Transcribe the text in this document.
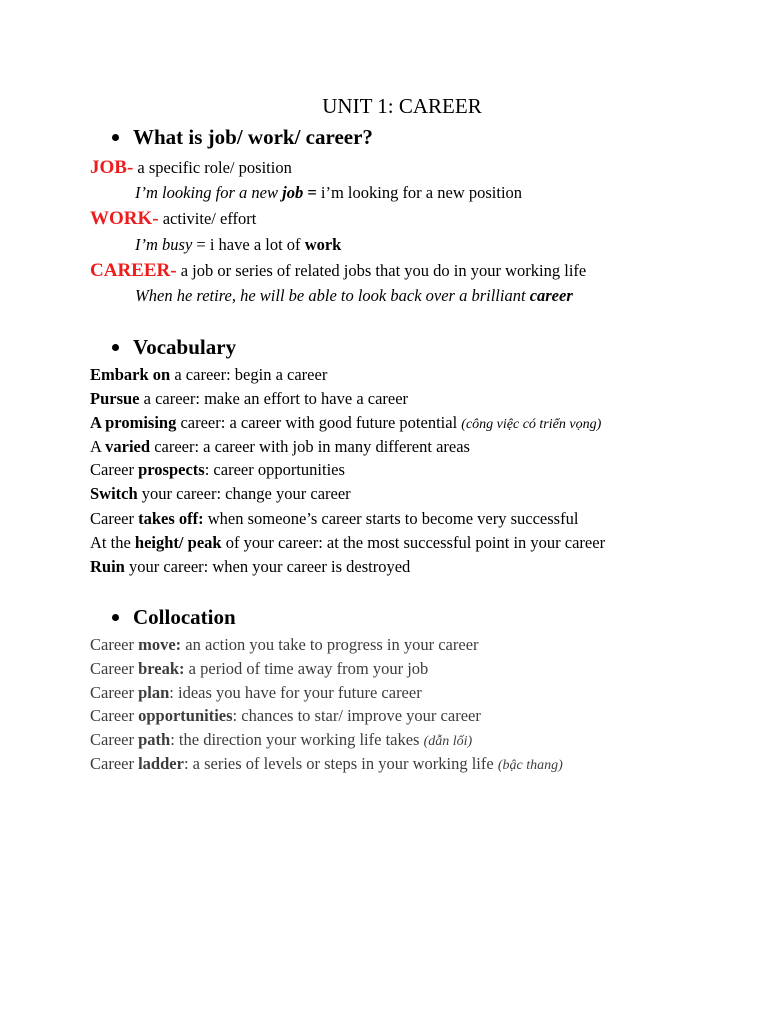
UNIT 1: CAREER
What is job/ work/ career?
JOB- a specific role/ position
I’m looking for a new job = i’m looking for a new position
WORK- activite/ effort
I’m busy = i have a lot of work
CAREER- a job or series of related jobs that you do in your working life
When he retire, he will be able to look back over a brilliant career
Vocabulary
Embark on a career: begin a career
Pursue a career: make an effort to have a career
A promising career: a career with good future potential (công việc có triển vọng)
A varied career: a career with job in many different areas
Career prospects: career opportunities
Switch your career: change your career
Career takes off: when someone’s career starts to become very successful
At the height/ peak of your career: at the most successful point in your career
Ruin your career: when your career is destroyed
Collocation
Career move: an action you take to progress in your career
Career break: a period of time away from your job
Career plan: ideas you have for your future career
Career opportunities: chances to star/ improve your career
Career path: the direction your working life takes (dẫn lối)
Career ladder: a series of levels or steps in your working life (bậc thang)
